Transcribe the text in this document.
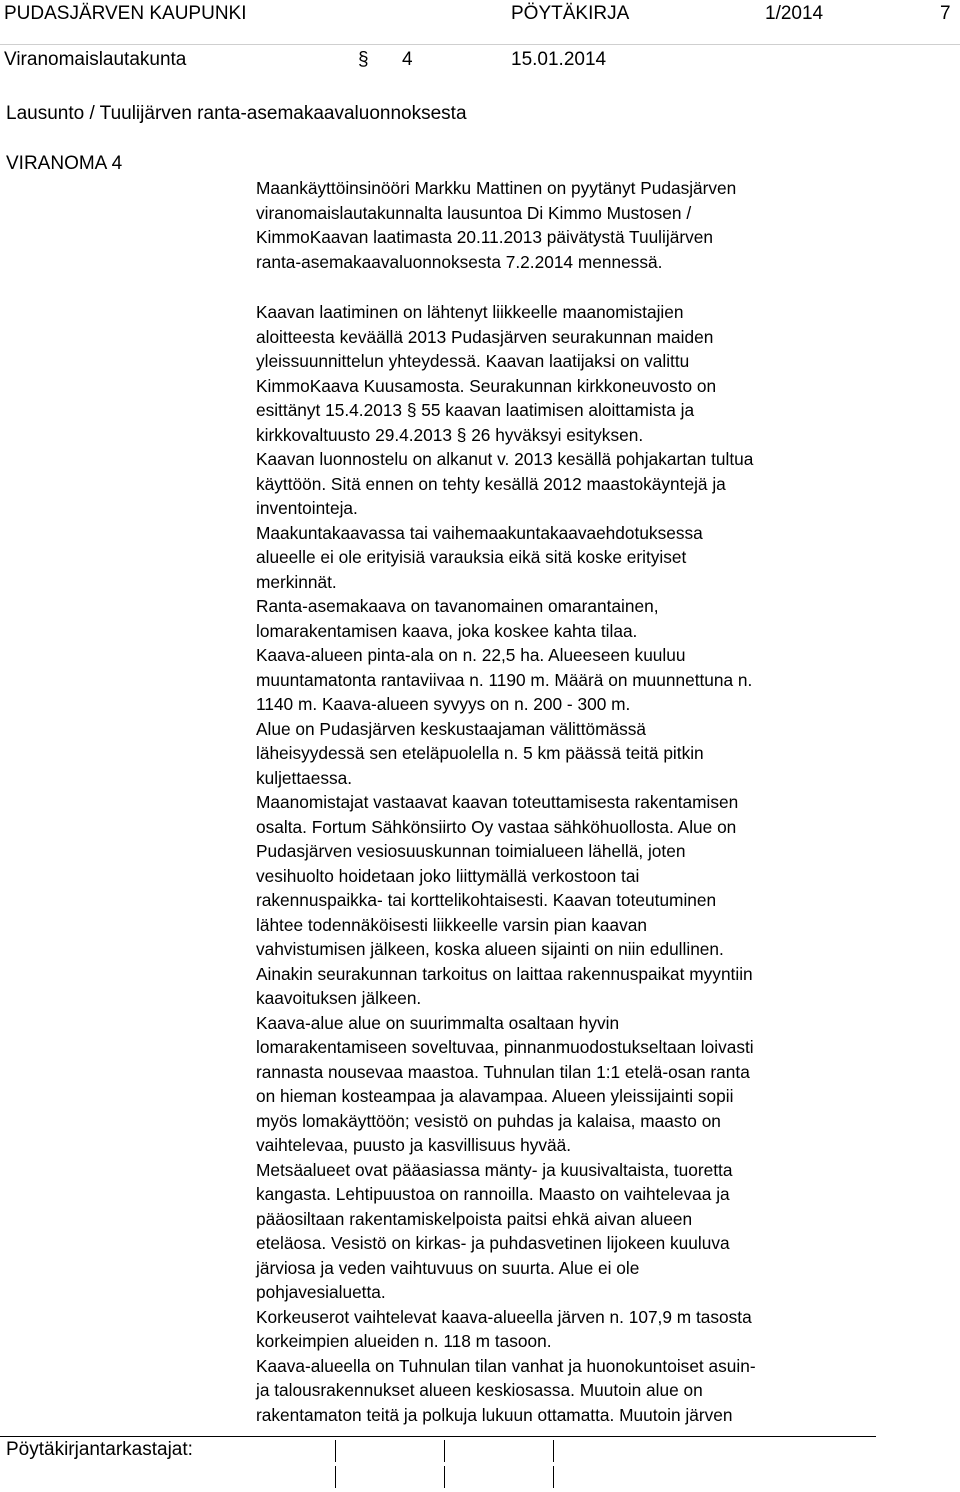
PUDASJÄRVEN KAUPUNKI	PÖYTÄKIRJA	1/2014	7
Viranomaislautakunta	§ 4	15.01.2014
Lausunto / Tuulijärven ranta-asemakaavaluonnoksesta
VIRANOMA 4
Maankäyttöinsinööri Markku Mattinen on pyytänyt Pudasjärven
viranomaislautakunnalta lausuntoa Di Kimmo Mustosen /
KimmoKaavan laatimasta 20.11.2013 päivätystä Tuulijärven
ranta-asemakaavaluonnoksesta 7.2.2014 mennessä.
Kaavan laatiminen on lähtenyt liikkeelle maanomistajien
aloitteesta keväällä 2013 Pudasjärven seurakunnan maiden
yleissuunnittelun yhteydessä. Kaavan laatijaksi on valittu
KimmoKaava Kuusamosta. Seurakunnan kirkkoneuvosto on
esittänyt 15.4.2013 § 55 kaavan laatimisen aloittamista ja
kirkkovaltuusto 29.4.2013 § 26 hyväksyi esityksen.
Kaavan luonnostelu on alkanut v. 2013 kesällä pohjakartan tultua
käyttöön. Sitä ennen on tehty kesällä 2012 maastokäyntejä ja
inventointeja.
Maakuntakaavassa tai vaihemaakuntakaavaehdotuksessa
alueelle ei ole erityisiä varauksia eikä sitä koske erityiset
merkinnät.
Ranta-asemakaava on tavanomainen omarantainen,
lomarakentamisen kaava, joka koskee kahta tilaa.
Kaava-alueen pinta-ala on n. 22,5 ha. Alueeseen kuuluu
muuntamatonta rantaviivaa n. 1190 m. Määrä on muunnettuna n.
1140 m. Kaava-alueen syvyys on n. 200 - 300 m.
Alue on Pudasjärven keskustaajaman välittömässä
läheisyydessä sen eteläpuolella n. 5 km päässä teitä pitkin
kuljettaessa.
Maanomistajat vastaavat kaavan toteuttamisesta rakentamisen
osalta. Fortum Sähkönsiirto Oy vastaa sähköhuollosta. Alue on
Pudasjärven vesiosuuskunnan toimialueen lähellä, joten
vesihuolto hoidetaan joko liittymällä verkostoon tai
rakennuspaikka- tai korttelikohtaisesti. Kaavan toteutuminen
lähtee todennäköisesti liikkeelle varsin pian kaavan
vahvistumisen jälkeen, koska alueen sijainti on niin edullinen.
Ainakin seurakunnan tarkoitus on laittaa rakennuspaikat myyntiin
kaavoituksen jälkeen.
Kaava-alue alue on suurimmalta osaltaan hyvin
lomarakentamiseen soveltuvaa, pinnanmuodostukseltaan loivasti
rannasta nousevaa maastoa. Tuhnulan tilan 1:1 etelä-osan ranta
on hieman kosteampaa ja alavampaa. Alueen yleissijainti sopii
myös lomakäyttöön; vesistö on puhdas ja kalaisa, maasto on
vaihtelevaa, puusto ja kasvillisuus hyvää.
Metsäalueet ovat pääasiassa mänty- ja kuusivaltaista, tuoretta
kangasta. Lehtipuustoa on rannoilla. Maasto on vaihtelevaa ja
pääosiltaan rakentamiskelpoista paitsi ehkä aivan alueen
eteläosa. Vesistö on kirkas- ja puhdasvetinen lijokeen kuuluva
järviosa ja veden vaihtuvuus on suurta. Alue ei ole
pohjavesialuetta.
Korkeuserot vaihtelevat kaava-alueella järven n. 107,9 m tasosta
korkeimpien alueiden n. 118 m tasoon.
Kaava-alueella on Tuhnulan tilan vanhat ja huonokuntoiset asuin-
ja talousrakennukset alueen keskiosassa. Muutoin alue on
rakentamaton teitä ja polkuja lukuun ottamatta. Muutoin järven
Pöytäkirjantarkastajat:
